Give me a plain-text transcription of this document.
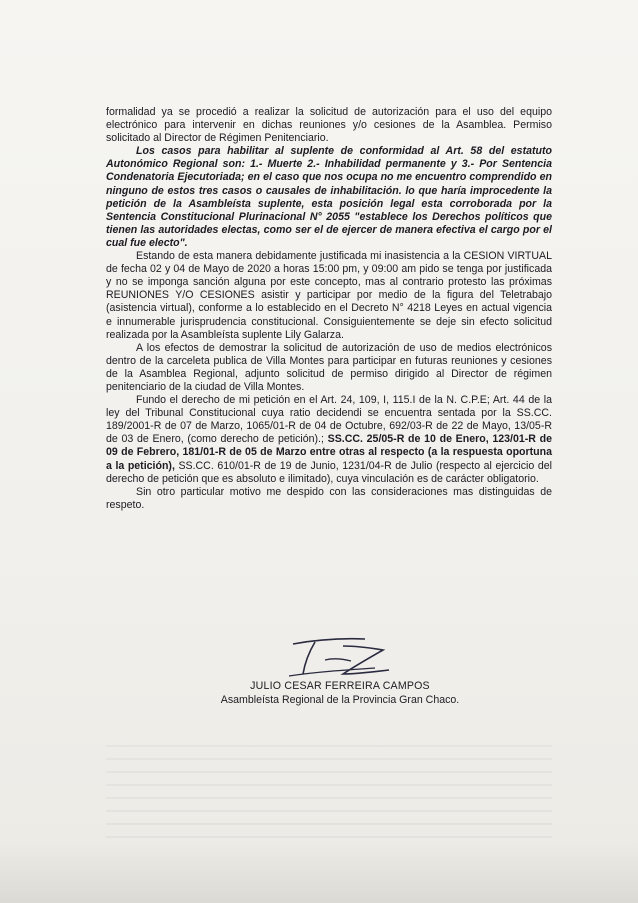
formalidad ya se procedió a realizar la solicitud de autorización para el uso del equipo electrónico para intervenir en dichas reuniones y/o cesiones de la Asamblea. Permiso solicitado al Director de Régimen Penitenciario.

Los casos para habilitar al suplente de conformidad al Art. 58 del estatuto Autonómico Regional son: 1.- Muerte 2.- Inhabilidad permanente y 3.- Por Sentencia Condenatoria Ejecutoriada; en el caso que nos ocupa no me encuentro comprendido en ninguno de estos tres casos o causales de inhabilitación. lo que haría improcedente la petición de la Asambleísta suplente, esta posición legal esta corroborada por la Sentencia Constitucional Plurinacional N° 2055 "establece los Derechos políticos que tienen las autoridades electas, como ser el de ejercer de manera efectiva el cargo por el cual fue electo".

Estando de esta manera debidamente justificada mi inasistencia a la CESION VIRTUAL de fecha 02 y 04 de Mayo de 2020 a horas 15:00 pm, y 09:00 am pido se tenga por justificada y no se imponga sanción alguna por este concepto, mas al contrario protesto las próximas REUNIONES Y/O CESIONES asistir y participar por medio de la figura del Teletrabajo (asistencia virtual), conforme a lo establecido en el Decreto N° 4218 Leyes en actual vigencia e innumerable jurisprudencia constitucional. Consiguientemente se deje sin efecto solicitud realizada por la Asambleísta suplente Lily Galarza.

A los efectos de demostrar la solicitud de autorización de uso de medios electrónicos dentro de la carceleta publica de Villa Montes para participar en futuras reuniones y cesiones de la Asamblea Regional, adjunto solicitud de permiso dirigido al Director de régimen penitenciario de la ciudad de Villa Montes.

Fundo el derecho de mi petición en el Art. 24, 109, I, 115.I de la N. C.P.E; Art. 44 de la ley del Tribunal Constitucional cuya ratio decidendi se encuentra sentada por la SS.CC. 189/2001-R de 07 de Marzo, 1065/01-R de 04 de Octubre, 692/03-R de 22 de Mayo, 13/05-R de 03 de Enero, (como derecho de petición).; SS.CC. 25/05-R de 10 de Enero, 123/01-R de 09 de Febrero, 181/01-R de 05 de Marzo entre otras al respecto (a la respuesta oportuna a la petición), SS.CC. 610/01-R de 19 de Junio, 1231/04-R de Julio (respecto al ejercicio del derecho de petición que es absoluto e ilimitado), cuya vinculación es de carácter obligatorio.

Sin otro particular motivo me despido con las consideraciones mas distinguidas de respeto.

JULIO CESAR FERREIRA CAMPOS
Asambleísta Regional de la Provincia Gran Chaco.
